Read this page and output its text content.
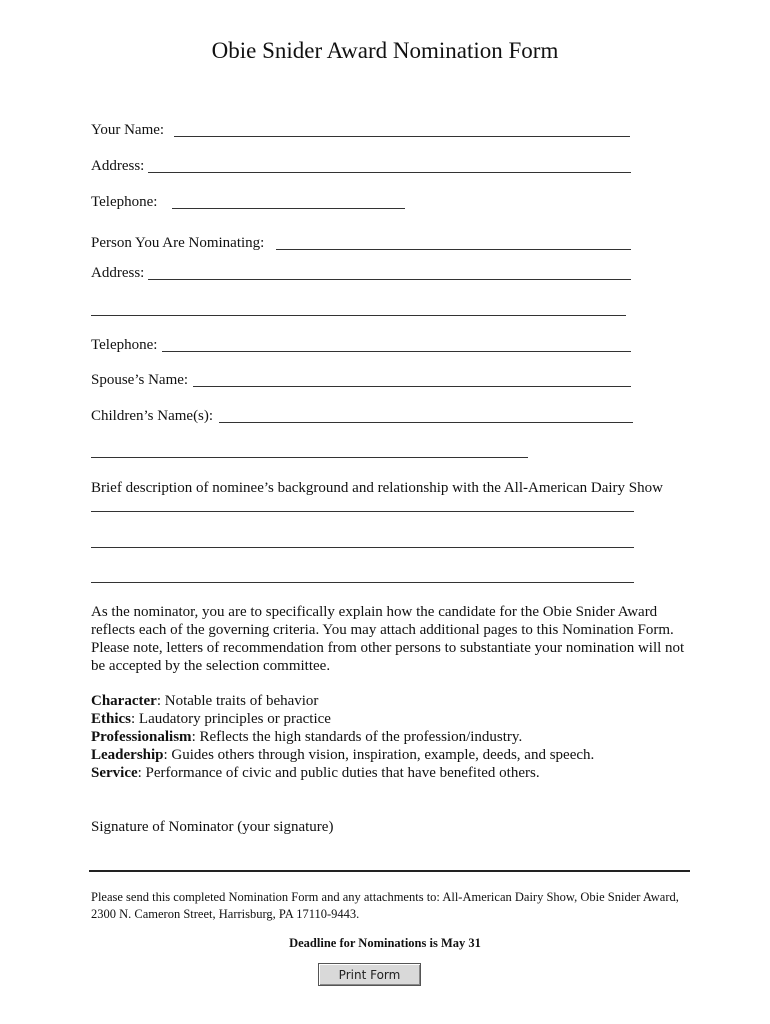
Obie Snider Award Nomination Form
Your Name:
Address:
Telephone:
Person You Are Nominating:
Address:
Telephone:
Spouse’s Name:
Children’s Name(s):
Brief description of nominee’s background and relationship with the All-American Dairy Show
As the nominator, you are to specifically explain how the candidate for the Obie Snider Award
reflects each of the governing criteria. You may attach additional pages to this Nomination Form.
Please note, letters of recommendation from other persons to substantiate your nomination will not
be accepted by the selection committee.
Character: Notable traits of behavior
Ethics: Laudatory principles or practice
Professionalism: Reflects the high standards of the profession/industry.
Leadership: Guides others through vision, inspiration, example, deeds, and speech.
Service: Performance of civic and public duties that have benefited others.
Signature of Nominator (your signature)
Please send this completed Nomination Form and any attachments to: All-American Dairy Show, Obie Snider Award,
2300 N. Cameron Street, Harrisburg, PA 17110-9443.
Deadline for Nominations is May 31
Print Form
